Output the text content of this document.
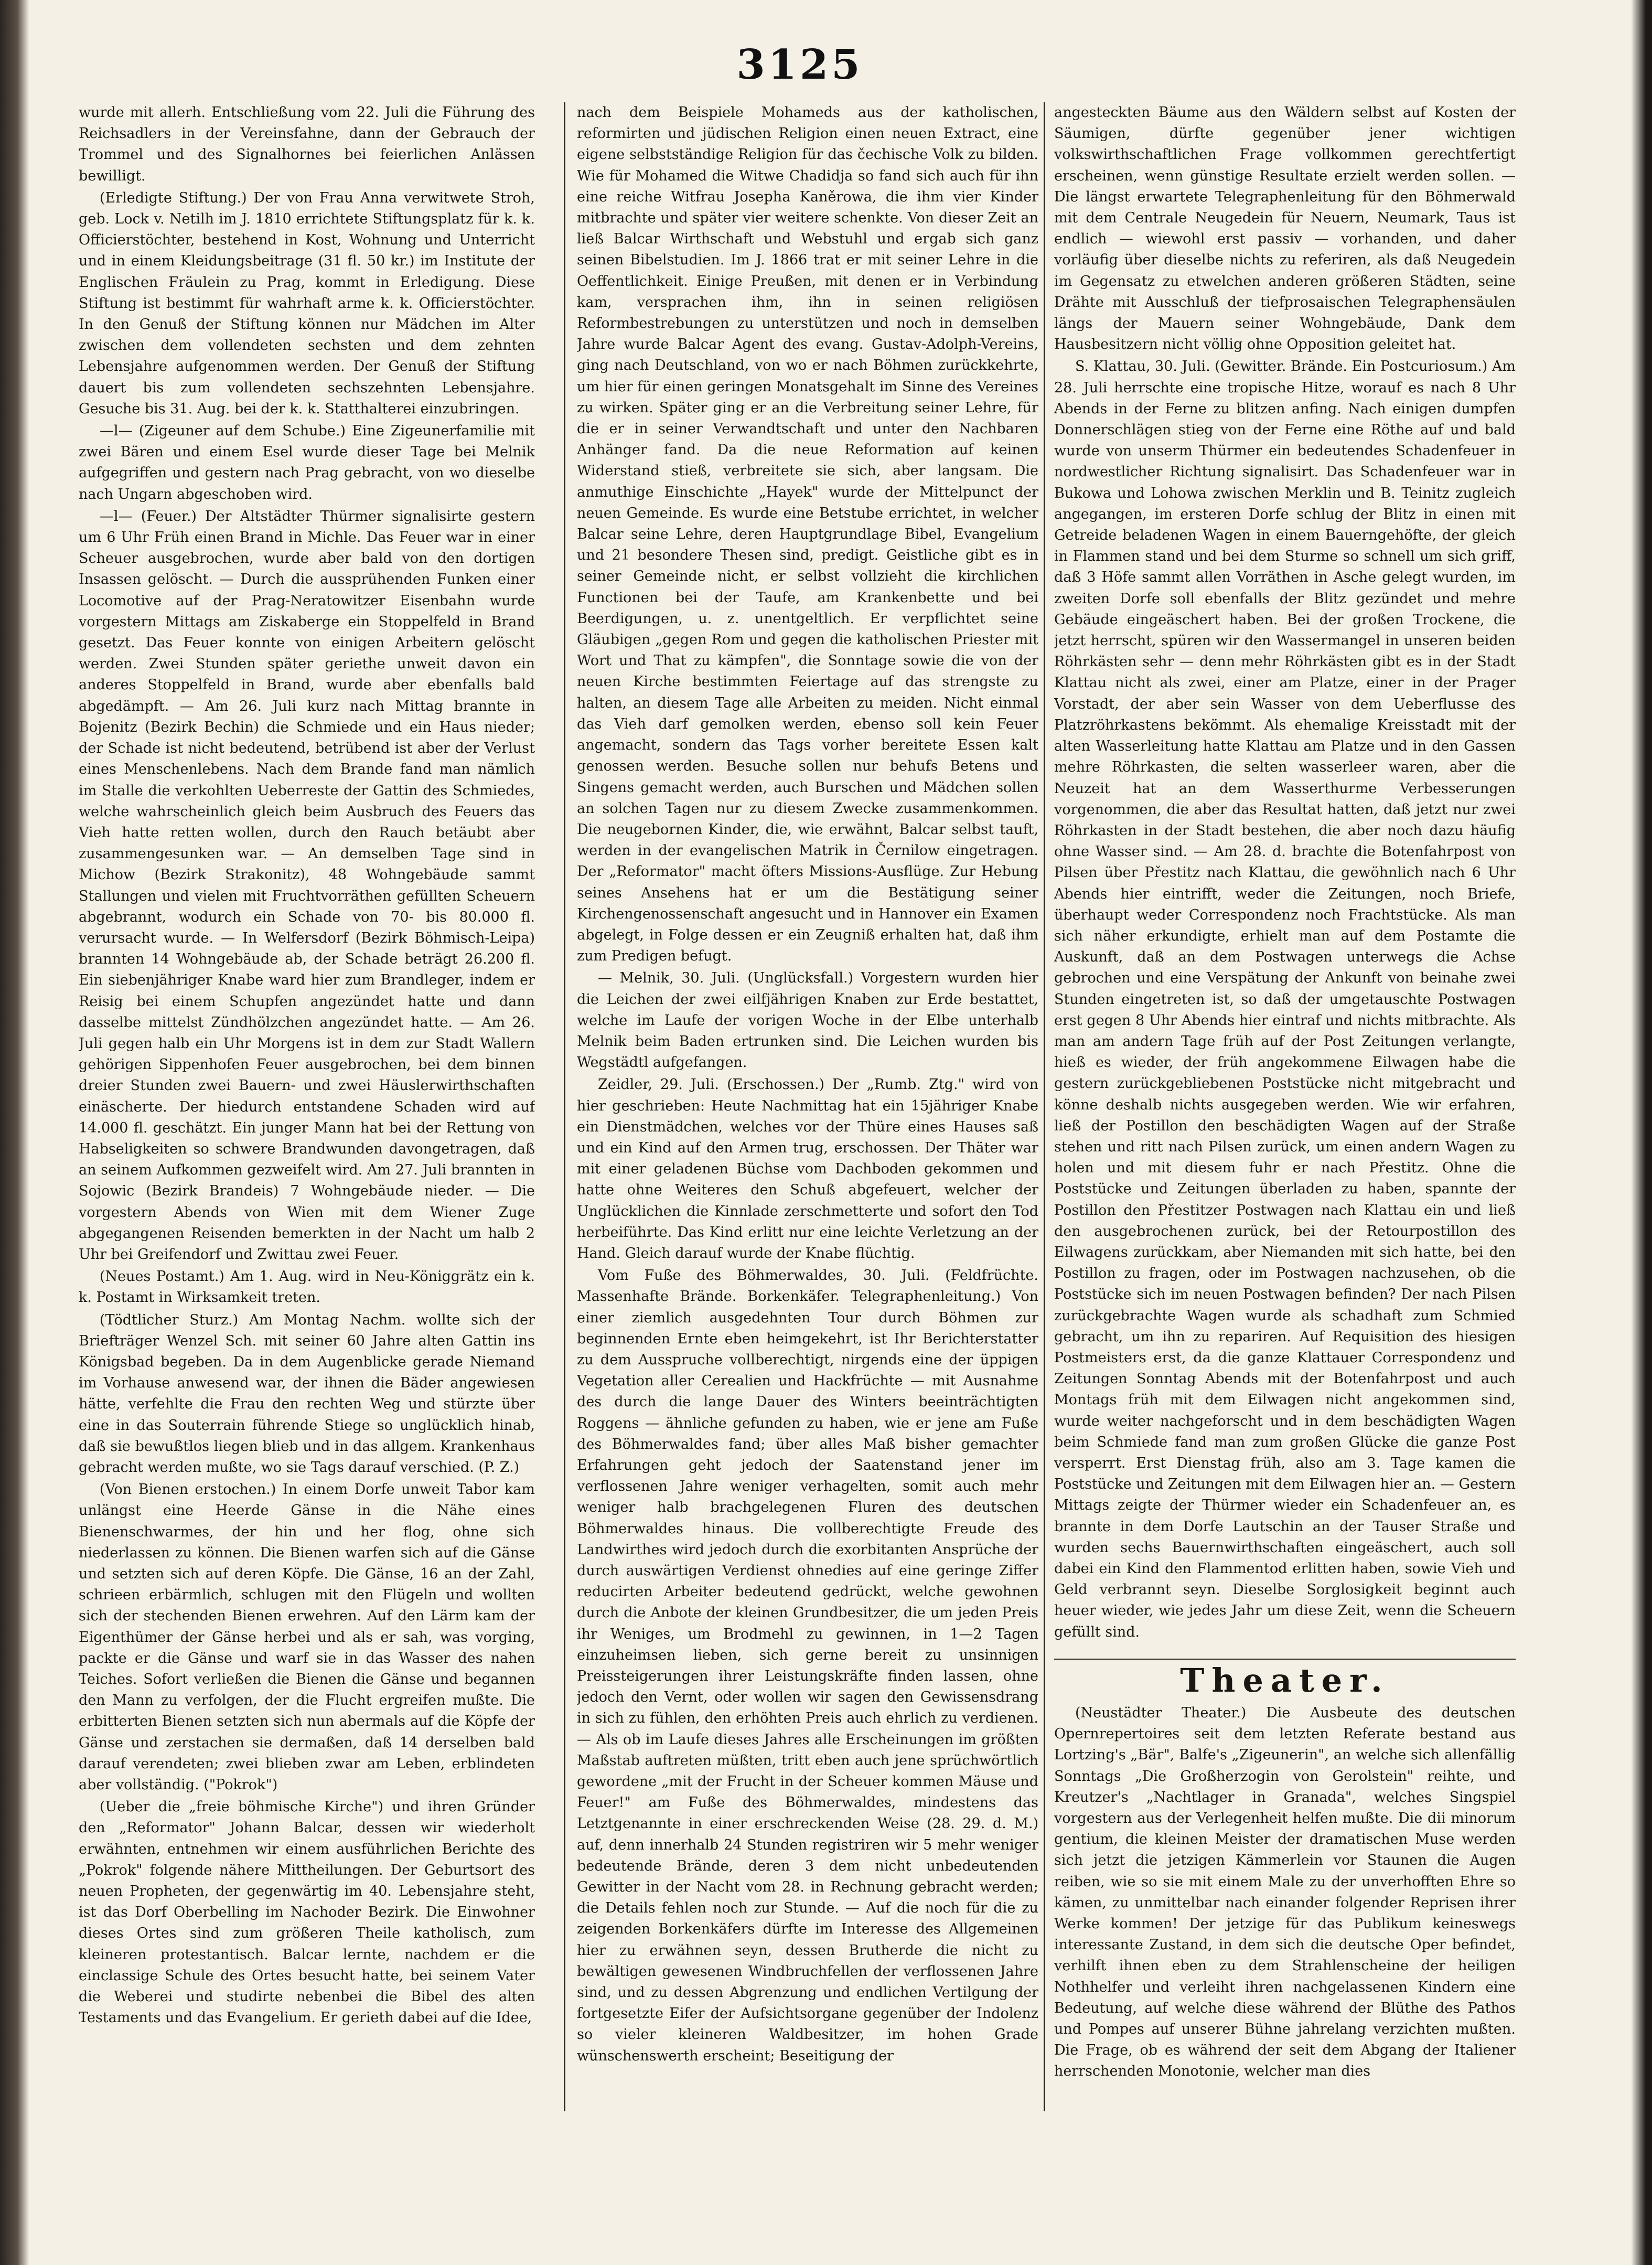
3125

wurde mit allerh. Entschließung vom 22. Juli die Führung des Reichsadlers in der Vereinsfahne, dann der Gebrauch der Trommel und des Signalhornes bei feierlichen Anlässen bewilligt.

(Erledigte Stiftung.) Der von Frau Anna verwitwete Stroh, geb. Lock v. Netilh im J. 1810 errichtete Stiftungsplatz für k. k. Officierstöchter, bestehend in Kost, Wohnung und Unterricht und in einem Kleidungsbeitrage (31 fl. 50 kr.) im Institute der Englischen Fräulein zu Prag, kommt in Erledigung. Diese Stiftung ist bestimmt für wahrhaft arme k. k. Officierstöchter. In den Genuß der Stiftung können nur Mädchen im Alter zwischen dem vollendeten sechsten und dem zehnten Lebensjahre aufgenommen werden. Der Genuß der Stiftung dauert bis zum vollendeten sechszehnten Lebensjahre. Gesuche bis 31. Aug. bei der k. k. Statthalterei einzubringen.

—l— (Zigeuner auf dem Schube.) Eine Zigeunerfamilie mit zwei Bären und einem Esel wurde dieser Tage bei Melnik aufgegriffen und gestern nach Prag gebracht, von wo dieselbe nach Ungarn abgeschoben wird.

—l— (Feuer.) Der Altstädter Thürmer signalisirte gestern um 6 Uhr Früh einen Brand in Michle. Das Feuer war in einer Scheuer ausgebrochen, wurde aber bald von den dortigen Insassen gelöscht. — Durch die aussprühenden Funken einer Locomotive auf der Prag-Neratowitzer Eisenbahn wurde vorgestern Mittags am Ziskaberge ein Stoppelfeld in Brand gesetzt. Das Feuer konnte von einigen Arbeitern gelöscht werden. Zwei Stunden später geriethe unweit davon ein anderes Stoppelfeld in Brand, wurde aber ebenfalls bald abgedämpft. — Am 26. Juli kurz nach Mittag brannte in Bojenitz (Bezirk Bechin) die Schmiede und ein Haus nieder; der Schade ist nicht bedeutend, betrübend ist aber der Verlust eines Menschenlebens. Nach dem Brande fand man nämlich im Stalle die verkohlten Ueberreste der Gattin des Schmiedes, welche wahrscheinlich gleich beim Ausbruch des Feuers das Vieh hatte retten wollen, durch den Rauch betäubt aber zusammengesunken war. — An demselben Tage sind in Michow (Bezirk Strakonitz), 48 Wohngebäude sammt Stallungen und vielen mit Fruchtvorräthen gefüllten Scheuern abgebrannt, wodurch ein Schade von 70- bis 80.000 fl. verursacht wurde. — In Welfersdorf (Bezirk Böhmisch-Leipa) brannten 14 Wohngebäude ab, der Schade beträgt 26.200 fl. Ein siebenjähriger Knabe ward hier zum Brandleger, indem er Reisig bei einem Schupfen angezündet hatte und dann dasselbe mittelst Zündhölzchen angezündet hatte. — Am 26. Juli gegen halb ein Uhr Morgens ist in dem zur Stadt Wallern gehörigen Sippenhofen Feuer ausgebrochen, bei dem binnen dreier Stunden zwei Bauern- und zwei Häuslerwirthschaften einäscherte. Der hiedurch entstandene Schaden wird auf 14.000 fl. geschätzt. Ein junger Mann hat bei der Rettung von Habseligkeiten so schwere Brandwunden davongetragen, daß an seinem Aufkommen gezweifelt wird. Am 27. Juli brannten in Sojowic (Bezirk Brandeis) 7 Wohngebäude nieder. — Die vorgestern Abends von Wien mit dem Wiener Zuge abgegangenen Reisenden bemerkten in der Nacht um halb 2 Uhr bei Greifendorf und Zwittau zwei Feuer.

(Neues Postamt.) Am 1. Aug. wird in Neu-Königgrätz ein k. k. Postamt in Wirksamkeit treten.

(Tödtlicher Sturz.) Am Montag Nachm. wollte sich der Briefträger Wenzel Sch. mit seiner 60 Jahre alten Gattin ins Königsbad begeben. Da in dem Augenblicke gerade Niemand im Vorhause anwesend war, der ihnen die Bäder angewiesen hätte, verfehlte die Frau den rechten Weg und stürzte über eine in das Souterrain führende Stiege so unglücklich hinab, daß sie bewußtlos liegen blieb und in das allgem. Krankenhaus gebracht werden mußte, wo sie Tags darauf verschied. (P. Z.)

(Von Bienen erstochen.) In einem Dorfe unweit Tabor kam unlängst eine Heerde Gänse in die Nähe eines Bienenschwarmes, der hin und her flog, ohne sich niederlassen zu können. Die Bienen warfen sich auf die Gänse und setzten sich auf deren Köpfe. Die Gänse, 16 an der Zahl, schrieen erbärmlich, schlugen mit den Flügeln und wollten sich der stechenden Bienen erwehren. Auf den Lärm kam der Eigenthümer der Gänse herbei und als er sah, was vorging, packte er die Gänse und warf sie in das Wasser des nahen Teiches. Sofort verließen die Bienen die Gänse und begannen den Mann zu verfolgen, der die Flucht ergreifen mußte. Die erbitterten Bienen setzten sich nun abermals auf die Köpfe der Gänse und zerstachen sie dermaßen, daß 14 derselben bald darauf verendeten; zwei blieben zwar am Leben, erblindeten aber vollständig. ("Pokrok")

(Ueber die „freie böhmische Kirche") und ihren Gründer den „Reformator" Johann Balcar, dessen wir wiederholt erwähnten, entnehmen wir einem ausführlichen Berichte des „Pokrok" folgende nähere Mittheilungen. Der Geburtsort des neuen Propheten, der gegenwärtig im 40. Lebensjahre steht, ist das Dorf Oberbelling im Nachoder Bezirk. Die Einwohner dieses Ortes sind zum größeren Theile katholisch, zum kleineren protestantisch. Balcar lernte, nachdem er die einclassige Schule des Ortes besucht hatte, bei seinem Vater die Weberei und studirte nebenbei die Bibel des alten Testaments und das Evangelium. Er gerieth dabei auf die Idee,

nach dem Beispiele Mohameds aus der katholischen, reformirten und jüdischen Religion einen neuen Extract, eine eigene selbstständige Religion für das čechische Volk zu bilden. Wie für Mohamed die Witwe Chadidja so fand sich auch für ihn eine reiche Witfrau Josepha Kaněrowa, die ihm vier Kinder mitbrachte und später vier weitere schenkte. Von dieser Zeit an ließ Balcar Wirthschaft und Webstuhl und ergab sich ganz seinen Bibelstudien. Im J. 1866 trat er mit seiner Lehre in die Oeffentlichkeit. Einige Preußen, mit denen er in Verbindung kam, versprachen ihm, ihn in seinen religiösen Reformbestrebungen zu unterstützen und noch in demselben Jahre wurde Balcar Agent des evang. Gustav-Adolph-Vereins, ging nach Deutschland, von wo er nach Böhmen zurückkehrte, um hier für einen geringen Monatsgehalt im Sinne des Vereines zu wirken. Später ging er an die Verbreitung seiner Lehre, für die er in seiner Verwandtschaft und unter den Nachbaren Anhänger fand. Da die neue Reformation auf keinen Widerstand stieß, verbreitete sie sich, aber langsam. Die anmuthige Einschichte „Hayek" wurde der Mittelpunct der neuen Gemeinde. Es wurde eine Betstube errichtet, in welcher Balcar seine Lehre, deren Hauptgrundlage Bibel, Evangelium und 21 besondere Thesen sind, predigt. Geistliche gibt es in seiner Gemeinde nicht, er selbst vollzieht die kirchlichen Functionen bei der Taufe, am Krankenbette und bei Beerdigungen, u. z. unentgeltlich. Er verpflichtet seine Gläubigen „gegen Rom und gegen die katholischen Priester mit Wort und That zu kämpfen", die Sonntage sowie die von der neuen Kirche bestimmten Feiertage auf das strengste zu halten, an diesem Tage alle Arbeiten zu meiden. Nicht einmal das Vieh darf gemolken werden, ebenso soll kein Feuer angemacht, sondern das Tags vorher bereitete Essen kalt genossen werden. Besuche sollen nur behufs Betens und Singens gemacht werden, auch Burschen und Mädchen sollen an solchen Tagen nur zu diesem Zwecke zusammenkommen. Die neugebornen Kinder, die, wie erwähnt, Balcar selbst tauft, werden in der evangelischen Matrik in Černilow eingetragen. Der „Reformator" macht öfters Missions-Ausflüge. Zur Hebung seines Ansehens hat er um die Bestätigung seiner Kirchengenossenschaft angesucht und in Hannover ein Examen abgelegt, in Folge dessen er ein Zeugniß erhalten hat, daß ihm zum Predigen befugt.

— Melnik, 30. Juli. (Unglücksfall.) Vorgestern wurden hier die Leichen der zwei eilfjährigen Knaben zur Erde bestattet, welche im Laufe der vorigen Woche in der Elbe unterhalb Melnik beim Baden ertrunken sind. Die Leichen wurden bis Wegstädtl aufgefangen.

Zeidler, 29. Juli. (Erschossen.) Der „Rumb. Ztg." wird von hier geschrieben: Heute Nachmittag hat ein 15jähriger Knabe ein Dienstmädchen, welches vor der Thüre eines Hauses saß und ein Kind auf den Armen trug, erschossen. Der Thäter war mit einer geladenen Büchse vom Dachboden gekommen und hatte ohne Weiteres den Schuß abgefeuert, welcher der Unglücklichen die Kinnlade zerschmetterte und sofort den Tod herbeiführte. Das Kind erlitt nur eine leichte Verletzung an der Hand. Gleich darauf wurde der Knabe flüchtig.

Vom Fuße des Böhmerwaldes, 30. Juli. (Feldfrüchte. Massenhafte Brände. Borkenkäfer. Telegraphenleitung.) Von einer ziemlich ausgedehnten Tour durch Böhmen zur beginnenden Ernte eben heimgekehrt, ist Ihr Berichterstatter zu dem Ausspruche vollberechtigt, nirgends eine der üppigen Vegetation aller Cerealien und Hackfrüchte — mit Ausnahme des durch die lange Dauer des Winters beeinträchtigten Roggens — ähnliche gefunden zu haben, wie er jene am Fuße des Böhmerwaldes fand; über alles Maß bisher gemachter Erfahrungen geht jedoch der Saatenstand jener im verflossenen Jahre weniger verhagelten, somit auch mehr weniger halb brachgelegenen Fluren des deutschen Böhmerwaldes hinaus. Die vollberechtigte Freude des Landwirthes wird jedoch durch die exorbitanten Ansprüche der durch auswärtigen Verdienst ohnedies auf eine geringe Ziffer reducirten Arbeiter bedeutend gedrückt, welche gewohnen durch die Anbote der kleinen Grundbesitzer, die um jeden Preis ihr Weniges, um Brodmehl zu gewinnen, in 1—2 Tagen einzuheimsen lieben, sich gerne bereit zu unsinnigen Preissteigerungen ihrer Leistungskräfte finden lassen, ohne jedoch den Vernt, oder wollen wir sagen den Gewissensdrang in sich zu fühlen, den erhöhten Preis auch ehrlich zu verdienen. — Als ob im Laufe dieses Jahres alle Erscheinungen im größten Maßstab auftreten müßten, tritt eben auch jene sprüchwörtlich gewordene „mit der Frucht in der Scheuer kommen Mäuse und Feuer!" am Fuße des Böhmerwaldes, mindestens das Letztgenannte in einer erschreckenden Weise (28. 29. d. M.) auf, denn innerhalb 24 Stunden registriren wir 5 mehr weniger bedeutende Brände, deren 3 dem nicht unbedeutenden Gewitter in der Nacht vom 28. in Rechnung gebracht werden; die Details fehlen noch zur Stunde. — Auf die noch für die zu zeigenden Borkenkäfers dürfte im Interesse des Allgemeinen hier zu erwähnen seyn, dessen Brutherde die nicht zu bewältigen gewesenen Windbruchfellen der verflossenen Jahre sind, und zu dessen Abgrenzung und endlichen Vertilgung der fortgesetzte Eifer der Aufsichtsorgane gegenüber der Indolenz so vieler kleineren Waldbesitzer, im hohen Grade wünschenswerth erscheint; Beseitigung der

angesteckten Bäume aus den Wäldern selbst auf Kosten der Säumigen, dürfte gegenüber jener wichtigen volkswirthschaftlichen Frage vollkommen gerechtfertigt erscheinen, wenn günstige Resultate erzielt werden sollen. — Die längst erwartete Telegraphenleitung für den Böhmerwald mit dem Centrale Neugedein für Neuern, Neumark, Taus ist endlich — wiewohl erst passiv — vorhanden, und daher vorläufig über dieselbe nichts zu referiren, als daß Neugedein im Gegensatz zu etwelchen anderen größeren Städten, seine Drähte mit Ausschluß der tiefprosaischen Telegraphensäulen längs der Mauern seiner Wohngebäude, Dank dem Hausbesitzern nicht völlig ohne Opposition geleitet hat.

S. Klattau, 30. Juli. (Gewitter. Brände. Ein Postcuriosum.) Am 28. Juli herrschte eine tropische Hitze, worauf es nach 8 Uhr Abends in der Ferne zu blitzen anfing. Nach einigen dumpfen Donnerschlägen stieg von der Ferne eine Röthe auf und bald wurde von unserm Thürmer ein bedeutendes Schadenfeuer in nordwestlicher Richtung signalisirt. Das Schadenfeuer war in Bukowa und Lohowa zwischen Merklin und B. Teinitz zugleich angegangen, im ersteren Dorfe schlug der Blitz in einen mit Getreide beladenen Wagen in einem Bauerngehöfte, der gleich in Flammen stand und bei dem Sturme so schnell um sich griff, daß 3 Höfe sammt allen Vorräthen in Asche gelegt wurden, im zweiten Dorfe soll ebenfalls der Blitz gezündet und mehre Gebäude eingeäschert haben. Bei der großen Trockene, die jetzt herrscht, spüren wir den Wassermangel in unseren beiden Röhrkästen sehr — denn mehr Röhrkästen gibt es in der Stadt Klattau nicht als zwei, einer am Platze, einer in der Prager Vorstadt, der aber sein Wasser von dem Ueberflusse des Platzröhrkastens bekömmt. Als ehemalige Kreisstadt mit der alten Wasserleitung hatte Klattau am Platze und in den Gassen mehre Röhrkasten, die selten wasserleer waren, aber die Neuzeit hat an dem Wasserthurme Verbesserungen vorgenommen, die aber das Resultat hatten, daß jetzt nur zwei Röhrkasten in der Stadt bestehen, die aber noch dazu häufig ohne Wasser sind. — Am 28. d. brachte die Botenfahrpost von Pilsen über Přestitz nach Klattau, die gewöhnlich nach 6 Uhr Abends hier eintrifft, weder die Zeitungen, noch Briefe, überhaupt weder Correspondenz noch Frachtstücke. Als man sich näher erkundigte, erhielt man auf dem Postamte die Auskunft, daß an dem Postwagen unterwegs die Achse gebrochen und eine Verspätung der Ankunft von beinahe zwei Stunden eingetreten ist, so daß der umgetauschte Postwagen erst gegen 8 Uhr Abends hier eintraf und nichts mitbrachte. Als man am andern Tage früh auf der Post Zeitungen verlangte, hieß es wieder, der früh angekommene Eilwagen habe die gestern zurückgebliebenen Poststücke nicht mitgebracht und könne deshalb nichts ausgegeben werden. Wie wir erfahren, ließ der Postillon den beschädigten Wagen auf der Straße stehen und ritt nach Pilsen zurück, um einen andern Wagen zu holen und mit diesem fuhr er nach Přestitz. Ohne die Poststücke und Zeitungen überladen zu haben, spannte der Postillon den Přestitzer Postwagen nach Klattau ein und ließ den ausgebrochenen zurück, bei der Retourpostillon des Eilwagens zurückkam, aber Niemanden mit sich hatte, bei den Postillon zu fragen, oder im Postwagen nachzusehen, ob die Poststücke sich im neuen Postwagen befinden? Der nach Pilsen zurückgebrachte Wagen wurde als schadhaft zum Schmied gebracht, um ihn zu repariren. Auf Requisition des hiesigen Postmeisters erst, da die ganze Klattauer Correspondenz und Zeitungen Sonntag Abends mit der Botenfahrpost und auch Montags früh mit dem Eilwagen nicht angekommen sind, wurde weiter nachgeforscht und in dem beschädigten Wagen beim Schmiede fand man zum großen Glücke die ganze Post versperrt. Erst Dienstag früh, also am 3. Tage kamen die Poststücke und Zeitungen mit dem Eilwagen hier an. — Gestern Mittags zeigte der Thürmer wieder ein Schadenfeuer an, es brannte in dem Dorfe Lautschin an der Tauser Straße und wurden sechs Bauernwirthschaften eingeäschert, auch soll dabei ein Kind den Flammentod erlitten haben, sowie Vieh und Geld verbrannt seyn. Dieselbe Sorglosigkeit beginnt auch heuer wieder, wie jedes Jahr um diese Zeit, wenn die Scheuern gefüllt sind.

Theater.

(Neustädter Theater.) Die Ausbeute des deutschen Opernrepertoires seit dem letzten Referate bestand aus Lortzing's „Bär", Balfe's „Zigeunerin", an welche sich allenfällig Sonntags „Die Großherzogin von Gerolstein" reihte, und Kreutzer's „Nachtlager in Granada", welches Singspiel vorgestern aus der Verlegenheit helfen mußte. Die dii minorum gentium, die kleinen Meister der dramatischen Muse werden sich jetzt die jetzigen Kämmerlein vor Staunen die Augen reiben, wie so sie mit einem Male zu der unverhofften Ehre so kämen, zu unmittelbar nach einander folgender Reprisen ihrer Werke kommen! Der jetzige für das Publikum keineswegs interessante Zustand, in dem sich die deutsche Oper befindet, verhilft ihnen eben zu dem Strahlenscheine der heiligen Nothhelfer und verleiht ihren nachgelassenen Kindern eine Bedeutung, auf welche diese während der Blüthe des Pathos und Pompes auf unserer Bühne jahrelang verzichten mußten. Die Frage, ob es während der seit dem Abgang der Italiener herrschenden Monotonie, welcher man dies
